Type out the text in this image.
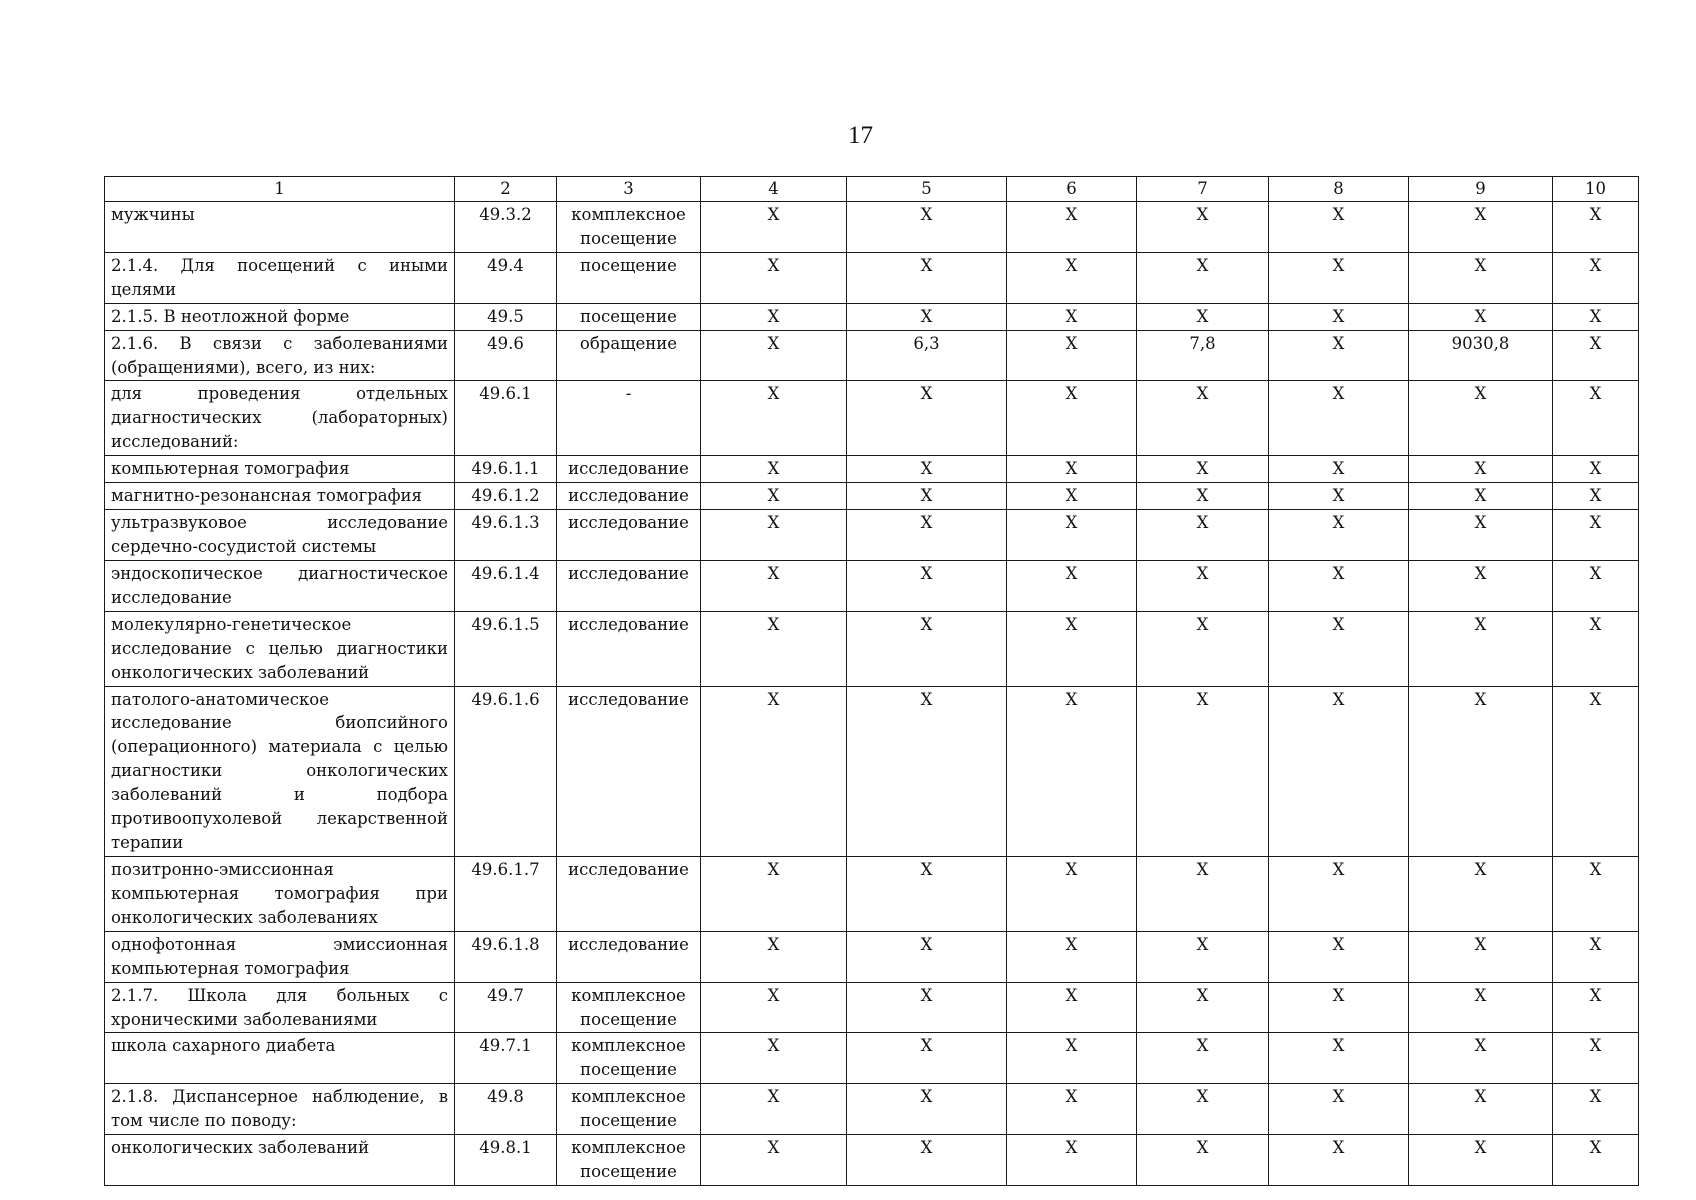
17
1	2	3	4	5	6	7	8	9	10
мужчины	49.3.2	комплексное посещение	Х	Х	Х	Х	Х	Х	Х
2.1.4. Для посещений с иными целями	49.4	посещение	Х	Х	Х	Х	Х	Х	Х
2.1.5. В неотложной форме	49.5	посещение	Х	Х	Х	Х	Х	Х	Х
2.1.6. В связи с заболеваниями (обращениями), всего, из них:	49.6	обращение	Х	6,3	Х	7,8	Х	9030,8	Х
для проведения отдельных диагностических (лабораторных) исследований:	49.6.1	-	Х	Х	Х	Х	Х	Х	Х
компьютерная томография	49.6.1.1	исследование	Х	Х	Х	Х	Х	Х	Х
магнитно-резонансная томография	49.6.1.2	исследование	Х	Х	Х	Х	Х	Х	Х
ультразвуковое исследование сердечно-сосудистой системы	49.6.1.3	исследование	Х	Х	Х	Х	Х	Х	Х
эндоскопическое диагностическое исследование	49.6.1.4	исследование	Х	Х	Х	Х	Х	Х	Х
молекулярно-генетическое исследование с целью диагностики онкологических заболеваний	49.6.1.5	исследование	Х	Х	Х	Х	Х	Х	Х
патолого-анатомическое исследование биопсийного (операционного) материала с целью диагностики онкологических заболеваний и подбора противоопухолевой лекарственной терапии	49.6.1.6	исследование	Х	Х	Х	Х	Х	Х	Х
позитронно-эмиссионная компьютерная томография при онкологических заболеваниях	49.6.1.7	исследование	Х	Х	Х	Х	Х	Х	Х
однофотонная эмиссионная компьютерная томография	49.6.1.8	исследование	Х	Х	Х	Х	Х	Х	Х
2.1.7. Школа для больных с хроническими заболеваниями	49.7	комплексное посещение	Х	Х	Х	Х	Х	Х	Х
школа сахарного диабета	49.7.1	комплексное посещение	Х	Х	Х	Х	Х	Х	Х
2.1.8. Диспансерное наблюдение, в том числе по поводу:	49.8	комплексное посещение	Х	Х	Х	Х	Х	Х	Х
онкологических заболеваний	49.8.1	комплексное посещение	Х	Х	Х	Х	Х	Х	Х
